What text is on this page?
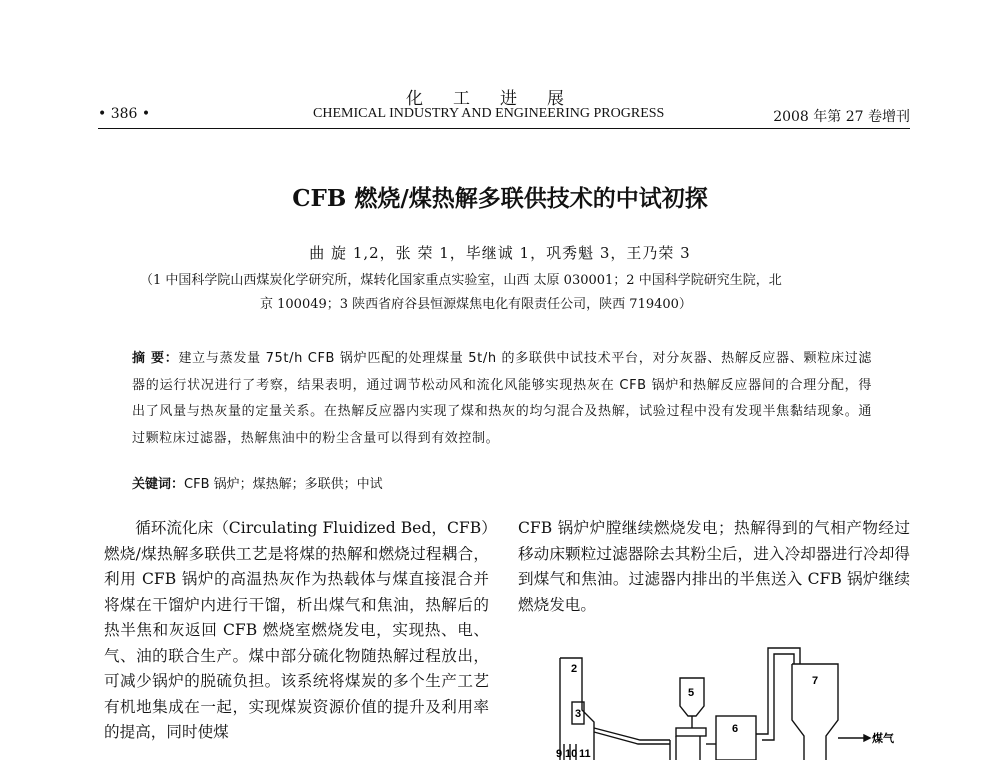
化工进展
• 386 •	CHEMICAL INDUSTRY AND ENGINEERING PROGRESS	2008 年第 27 卷增刊
CFB 燃烧/煤热解多联供技术的中试初探
曲 旋 1,2，张 荣 1，毕继诚 1，巩秀魁 3，王乃荣 3
（1 中国科学院山西煤炭化学研究所，煤转化国家重点实验室，山西 太原 030001；2 中国科学院研究生院，北
京 100049；3 陕西省府谷县恒源煤焦电化有限责任公司，陕西 719400）
摘 要：建立与蒸发量 75t/h CFB 锅炉匹配的处理煤量 5t/h 的多联供中试技术平台，对分灰器、热解反应器、颗粒床过滤器的运行状况进行了考察，结果表明，通过调节松动风和流化风能够实现热灰在 CFB 锅炉和热解反应器间的合理分配，得出了风量与热灰量的定量关系。在热解反应器内实现了煤和热灰的均匀混合及热解，试验过程中没有发现半焦黏结现象。通过颗粒床过滤器，热解焦油中的粉尘含量可以得到有效控制。
关键词：CFB 锅炉；煤热解；多联供；中试

循环流化床（Circulating Fluidized Bed，CFB）燃烧/煤热解多联供工艺是将煤的热解和燃烧过程耦合，利用 CFB 锅炉的高温热灰作为热载体与煤直接混合并将煤在干馏炉内进行干馏，析出煤气和焦油，热解后的热半焦和灰返回 CFB 燃烧室燃烧发电，实现热、电、气、油的联合生产。煤中部分硫化物随热解过程放出，可减少锅炉的脱硫负担。该系统将煤炭的多个生产工艺有机地集成在一起，实现煤炭资源价值的提升及利用率的提高，同时使煤

CFB 锅炉炉膛继续燃烧发电；热解得到的气相产物经过移动床颗粒过滤器除去其粉尘后，进入冷却器进行冷却得到煤气和焦油。过滤器内排出的半焦送入 CFB 锅炉继续燃烧发电。

2
3
5
6
7
9 10 11
煤气
